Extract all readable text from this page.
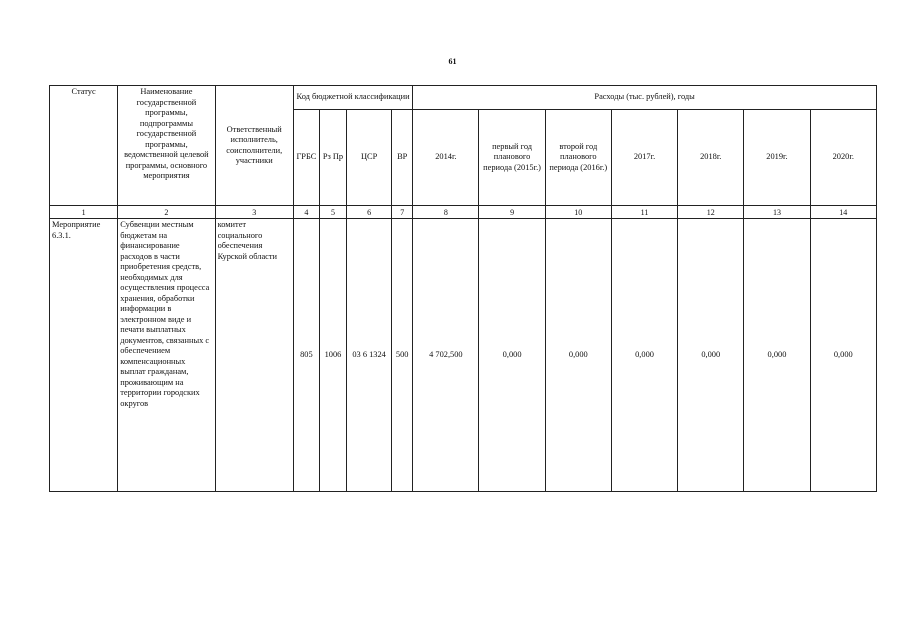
61
Статус	Наименование государственной программы, подпрограммы государственной программы, ведомственной целевой программы, основного мероприятия	Ответственный исполнитель, соисполнители, участники	Код бюджетной классификации				Расходы (тыс. рублей), годы						
			ГРБС	Рз Пр	ЦСР	ВР	2014г.	первый год планового периода (2015г.)	второй год планового периода (2016г.)	2017г.	2018г.	2019г.	2020г.
1	2	3	4	5	6	7	8	9	10	11	12	13	14
Мероприятие 6.3.1.	Субвенции местным бюджетам на финансирование расходов в части приобретения средств, необходимых для осуществления процесса хранения, обработки информации в электронном виде и печати выплатных документов, связанных с обеспечением компенсационных выплат гражданам, проживающим на территории городских округов	комитет социального обеспечения Курской области	805	1006	03 6 1324	500	4 702,500	0,000	0,000	0,000	0,000	0,000	0,000
